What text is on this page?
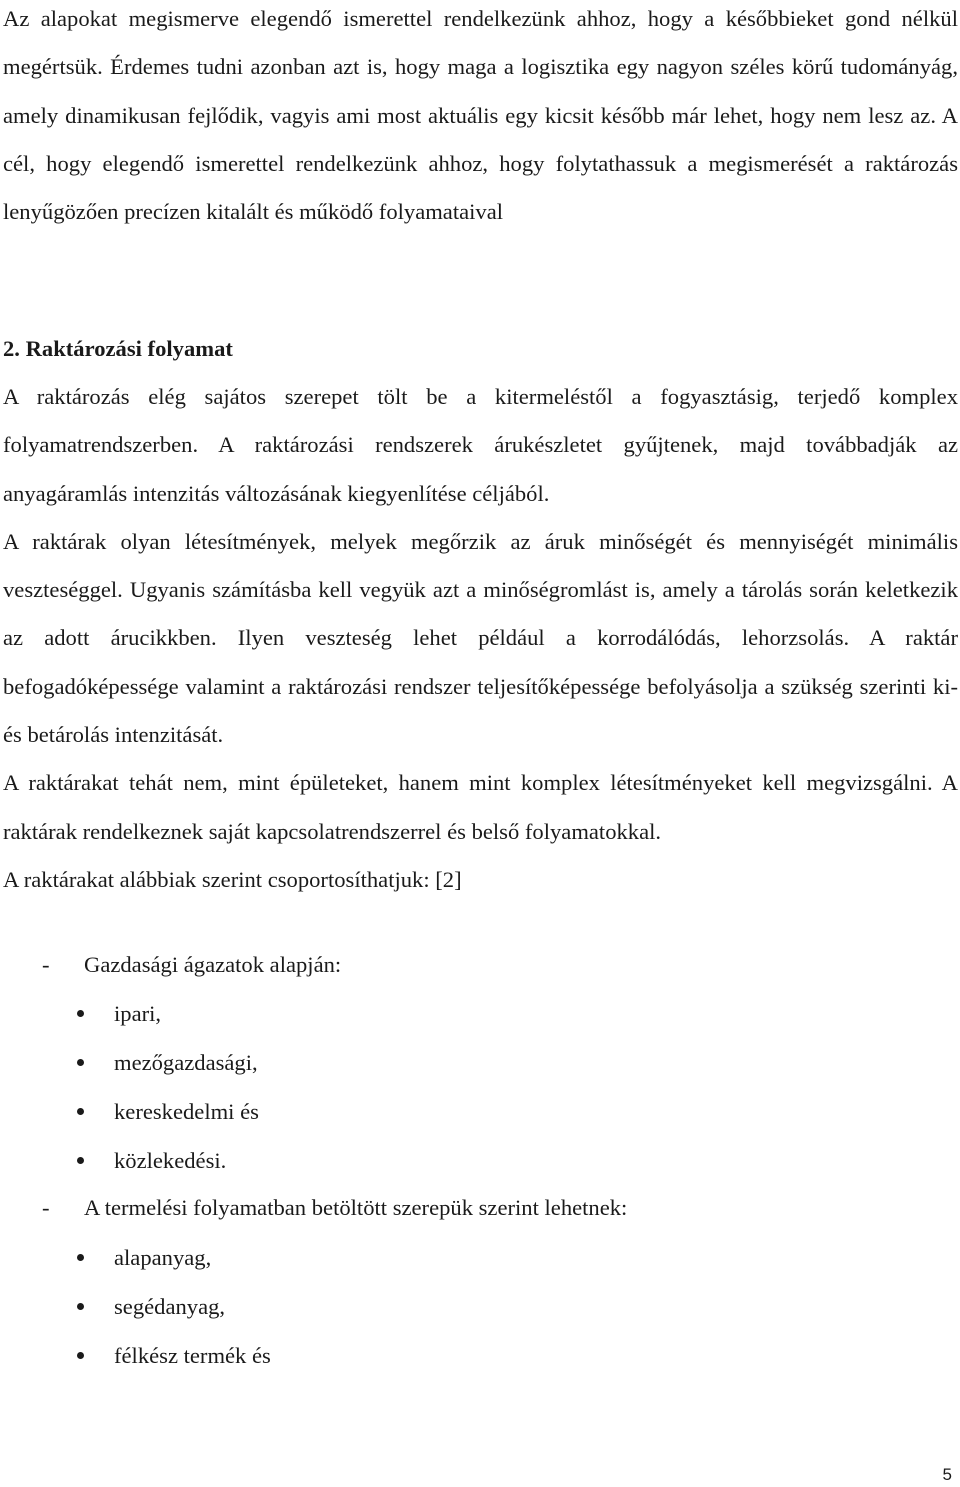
Az alapokat megismerve elegendő ismerettel rendelkezünk ahhoz, hogy a későbbieket gond nélkül megértsük. Érdemes tudni azonban azt is, hogy maga a logisztika egy nagyon széles körű tudományág, amely dinamikusan fejlődik, vagyis ami most aktuális egy kicsit később már lehet, hogy nem lesz az. A cél, hogy elegendő ismerettel rendelkezünk ahhoz, hogy folytathassuk a megismerését a raktározás lenyűgözően precízen kitalált és működő folyamataival

2. Raktározási folyamat

A raktározás elég sajátos szerepet tölt be a kitermeléstől a fogyasztásig, terjedő komplex folyamatrendszerben. A raktározási rendszerek árukészletet gyűjtenek, majd továbbadják az anyagáramlás intenzitás változásának kiegyenlítése céljából.

A raktárak olyan létesítmények, melyek megőrzik az áruk minőségét és mennyiségét minimális veszteséggel. Ugyanis számításba kell vegyük azt a minőségromlást is, amely a tárolás során keletkezik az adott árucikkben. Ilyen veszteség lehet például a korrodálódás, lehorzsolás. A raktár befogadóképessége valamint a raktározási rendszer teljesítőképessége befolyásolja a szükség szerinti ki- és betárolás intenzitását.

A raktárakat tehát nem, mint épületeket, hanem mint komplex létesítményeket kell megvizsgálni. A raktárak rendelkeznek saját kapcsolatrendszerrel és belső folyamatokkal.

A raktárakat alábbiak szerint csoportosíthatjuk: [2]

- Gazdasági ágazatok alapján:

ipari,

mezőgazdasági,

kereskedelmi és

közlekedési.

- A termelési folyamatban betöltött szerepük szerint lehetnek:

alapanyag,

segédanyag,

félkész termék és

5
